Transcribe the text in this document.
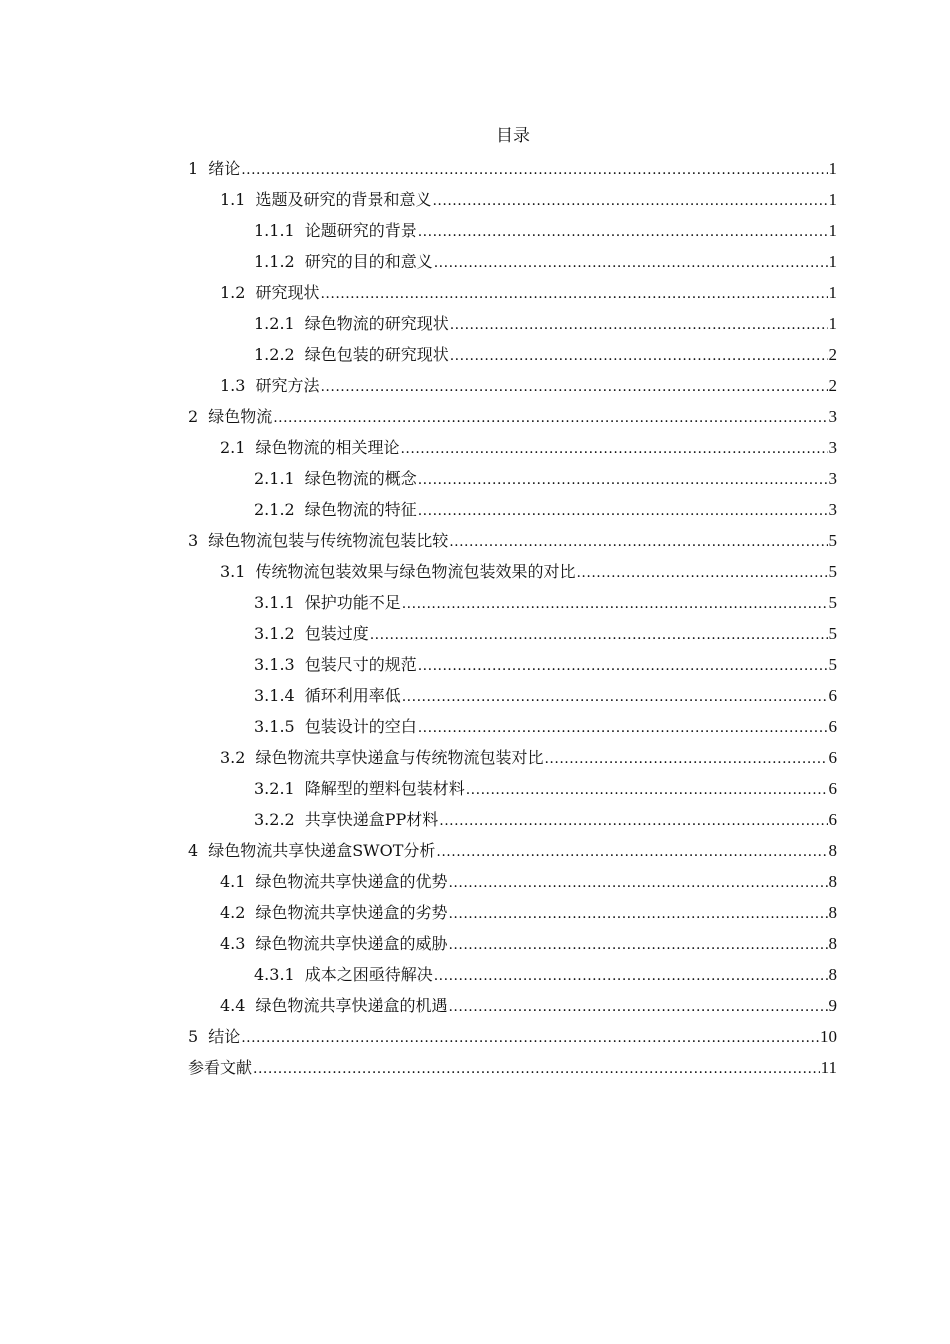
目录
1 绪论 .....	1
1.1 选题及研究的背景和意义 .....	1
1.1.1 论题研究的背景 .....	1
1.1.2 研究的目的和意义 .....	1
1.2 研究现状 .....	1
1.2.1 绿色物流的研究现状 .....	1
1.2.2 绿色包装的研究现状 .....	2
1.3 研究方法 .....	2
2 绿色物流 .....	3
2.1 绿色物流的相关理论 .....	3
2.1.1 绿色物流的概念 .....	3
2.1.2 绿色物流的特征 .....	3
3 绿色物流包装与传统物流包装比较 .....	5
3.1 传统物流包装效果与绿色物流包装效果的对比 .....	5
3.1.1 保护功能不足 .....	5
3.1.2 包装过度 .....	5
3.1.3 包装尺寸的规范 .....	5
3.1.4 循环利用率低 .....	6
3.1.5 包装设计的空白 .....	6
3.2 绿色物流共享快递盒与传统物流包装对比 .....	6
3.2.1 降解型的塑料包装材料 .....	6
3.2.2 共享快递盒PP材料 .....	6
4 绿色物流共享快递盒SWOT分析 .....	8
4.1 绿色物流共享快递盒的优势 .....	8
4.2 绿色物流共享快递盒的劣势 .....	8
4.3 绿色物流共享快递盒的威胁 .....	8
4.3.1 成本之困亟待解决 .....	8
4.4 绿色物流共享快递盒的机遇 .....	9
5 结论 .....	10
参看文献 .....	11
